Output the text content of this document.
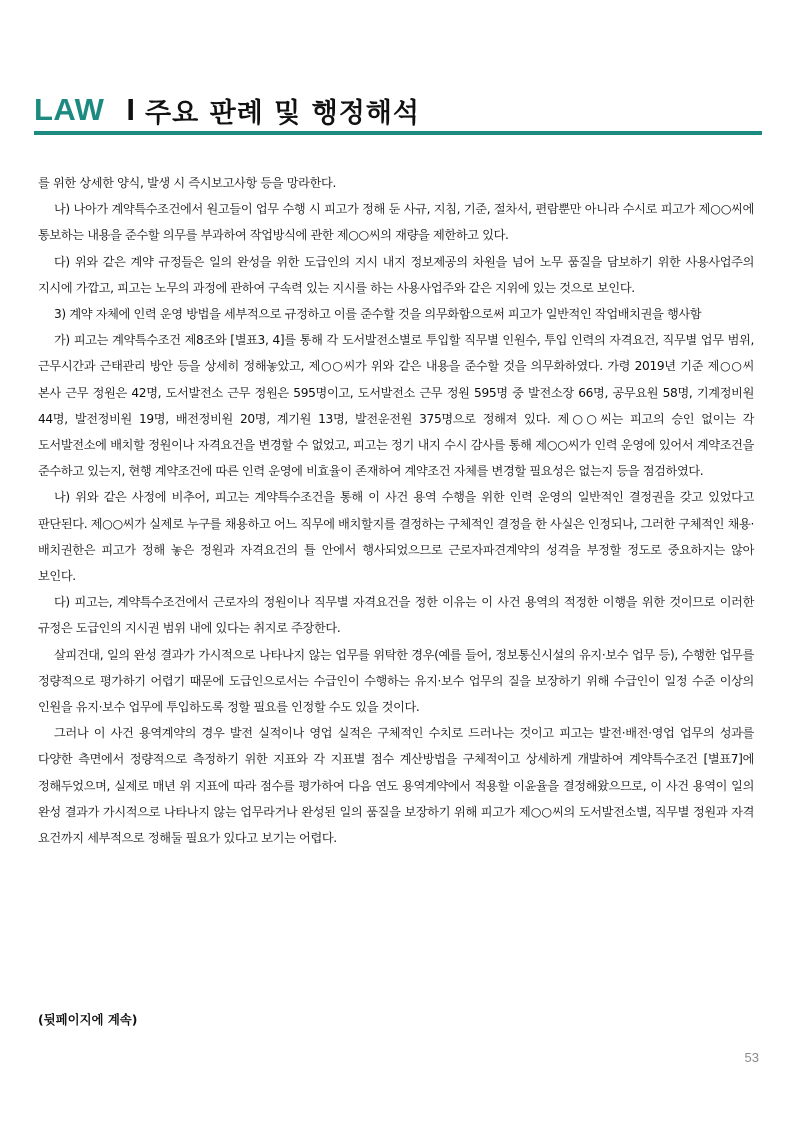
LAW I 주요 판례 및 행정해석

를 위한 상세한 양식, 발생 시 즉시보고사항 등을 망라한다.

나) 나아가 계약특수조건에서 원고들이 업무 수행 시 피고가 정해 둔 사규, 지침, 기준, 절차서, 편람뿐만 아니라 수시로 피고가 제○○씨에 통보하는 내용을 준수할 의무를 부과하여 작업방식에 관한 제○○씨의 재량을 제한하고 있다.

다) 위와 같은 계약 규정들은 일의 완성을 위한 도급인의 지시 내지 정보제공의 차원을 넘어 노무 품질을 담보하기 위한 사용사업주의 지시에 가깝고, 피고는 노무의 과정에 관하여 구속력 있는 지시를 하는 사용사업주와 같은 지위에 있는 것으로 보인다.

3) 계약 자체에 인력 운영 방법을 세부적으로 규정하고 이를 준수할 것을 의무화함으로써 피고가 일반적인 작업배치권을 행사함

가) 피고는 계약특수조건 제8조와 [별표3, 4]를 통해 각 도서발전소별로 투입할 직무별 인원수, 투입 인력의 자격요건, 직무별 업무 범위, 근무시간과 근태관리 방안 등을 상세히 정해놓았고, 제○○씨가 위와 같은 내용을 준수할 것을 의무화하였다. 가령 2019년 기준 제○○씨 본사 근무 정원은 42명, 도서발전소 근무 정원은 595명이고, 도서발전소 근무 정원 595명 중 발전소장 66명, 공무요원 58명, 기계정비원 44명, 발전정비원 19명, 배전정비원 20명, 계기원 13명, 발전운전원 375명으로 정해져 있다. 제○○씨는 피고의 승인 없이는 각 도서발전소에 배치할 정원이나 자격요건을 변경할 수 없었고, 피고는 정기 내지 수시 감사를 통해 제○○씨가 인력 운영에 있어서 계약조건을 준수하고 있는지, 현행 계약조건에 따른 인력 운영에 비효율이 존재하여 계약조건 자체를 변경할 필요성은 없는지 등을 점검하였다.

나) 위와 같은 사정에 비추어, 피고는 계약특수조건을 통해 이 사건 용역 수행을 위한 인력 운영의 일반적인 결정권을 갖고 있었다고 판단된다. 제○○씨가 실제로 누구를 채용하고 어느 직무에 배치할지를 결정하는 구체적인 결정을 한 사실은 인정되나, 그러한 구체적인 채용·배치권한은 피고가 정해 놓은 정원과 자격요건의 틀 안에서 행사되었으므로 근로자파견계약의 성격을 부정할 정도로 중요하지는 않아 보인다.

다) 피고는, 계약특수조건에서 근로자의 정원이나 직무별 자격요건을 정한 이유는 이 사건 용역의 적정한 이행을 위한 것이므로 이러한 규정은 도급인의 지시권 범위 내에 있다는 취지로 주장한다.

살피건대, 일의 완성 결과가 가시적으로 나타나지 않는 업무를 위탁한 경우(예를 들어, 정보통신시설의 유지·보수 업무 등), 수행한 업무를 정량적으로 평가하기 어렵기 때문에 도급인으로서는 수급인이 수행하는 유지·보수 업무의 질을 보장하기 위해 수급인이 일정 수준 이상의 인원을 유지·보수 업무에 투입하도록 정할 필요를 인정할 수도 있을 것이다.

그러나 이 사건 용역계약의 경우 발전 실적이나 영업 실적은 구체적인 수치로 드러나는 것이고 피고는 발전·배전·영업 업무의 성과를 다양한 측면에서 정량적으로 측정하기 위한 지표와 각 지표별 점수 계산방법을 구체적이고 상세하게 개발하여 계약특수조건 [별표7]에 정해두었으며, 실제로 매년 위 지표에 따라 점수를 평가하여 다음 연도 용역계약에서 적용할 이윤율을 결정해왔으므로, 이 사건 용역이 일의 완성 결과가 가시적으로 나타나지 않는 업무라거나 완성된 일의 품질을 보장하기 위해 피고가 제○○씨의 도서발전소별, 직무별 정원과 자격 요건까지 세부적으로 정해둘 필요가 있다고 보기는 어렵다.

(뒷페이지에 계속)
53
